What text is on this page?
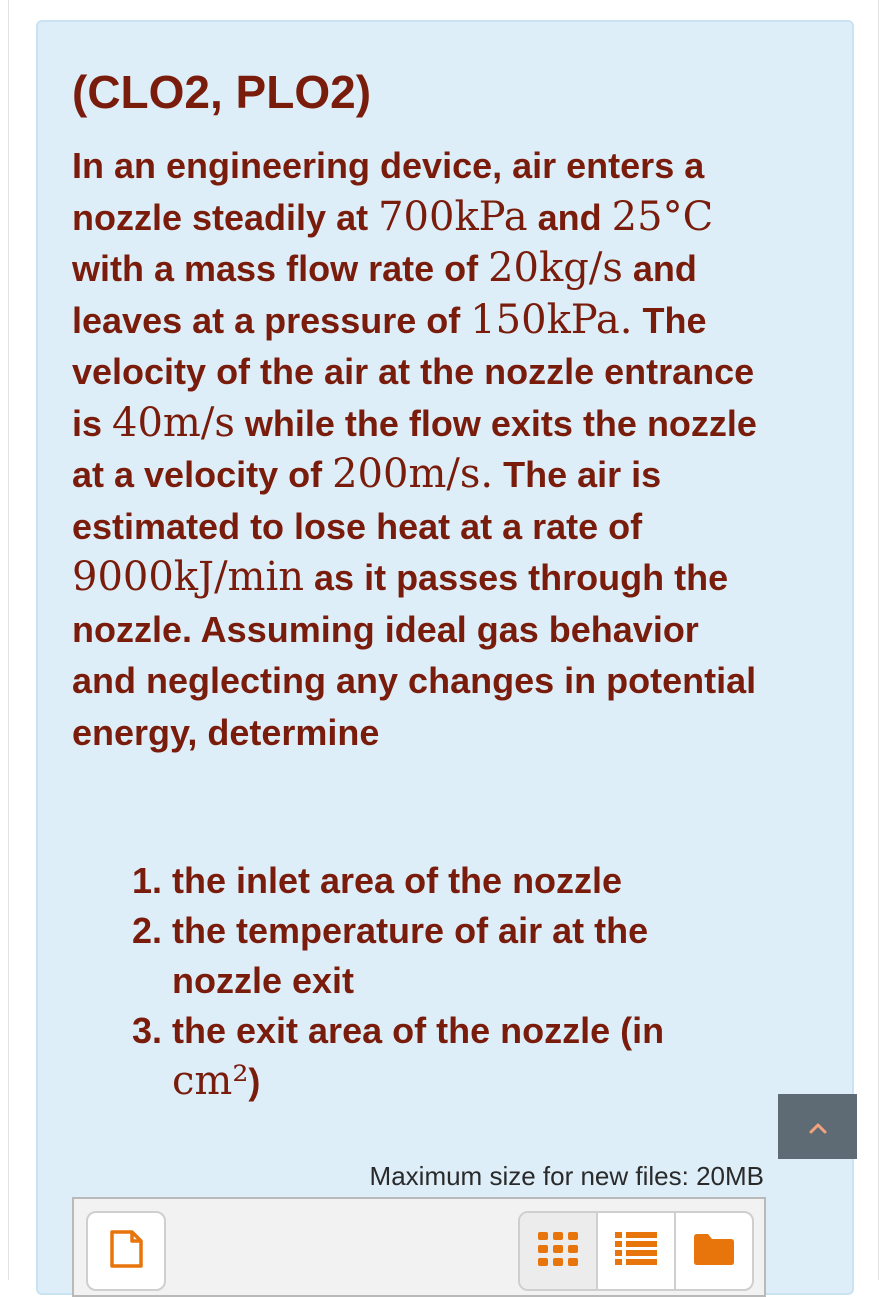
(CLO2, PLO2)

In an engineering device, air enters a nozzle steadily at 700kPa and 25°C with a mass flow rate of 20kg/s and leaves at a pressure of 150kPa. The velocity of the air at the nozzle entrance is 40m/s while the flow exits the nozzle at a velocity of 200m/s. The air is estimated to lose heat at a rate of 9000kJ/min as it passes through the nozzle. Assuming ideal gas behavior and neglecting any changes in potential energy, determine

1. the inlet area of the nozzle
2. the temperature of air at the nozzle exit
3. the exit area of the nozzle (in cm²)
Maximum size for new files: 20MB
